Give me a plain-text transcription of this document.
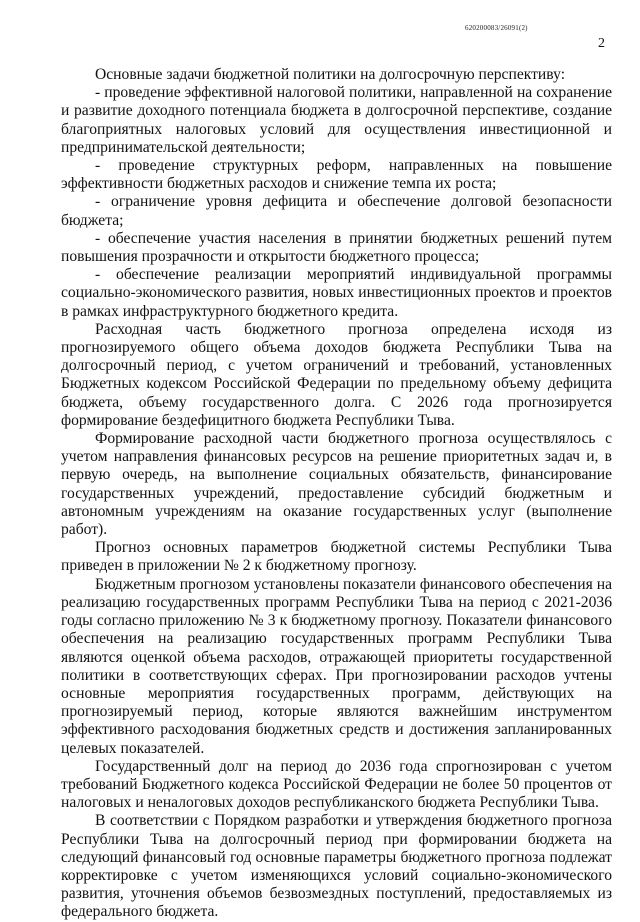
620200083/26091(2)
2

Основные задачи бюджетной политики на долгосрочную перспективу:

- проведение эффективной налоговой политики, направленной на сохранение и развитие доходного потенциала бюджета в долгосрочной перспективе, создание благоприятных налоговых условий для осуществления инвестиционной и предпринимательской деятельности;

- проведение структурных реформ, направленных на повышение эффективности бюджетных расходов и снижение темпа их роста;

- ограничение уровня дефицита и обеспечение долговой безопасности бюджета;

- обеспечение участия населения в принятии бюджетных решений путем повышения прозрачности и открытости бюджетного процесса;

- обеспечение реализации мероприятий индивидуальной программы социально-экономического развития, новых инвестиционных проектов и проектов в рамках инфраструктурного бюджетного кредита.

Расходная часть бюджетного прогноза определена исходя из прогнозируемого общего объема доходов бюджета Республики Тыва на долгосрочный период, с учетом ограничений и требований, установленных Бюджетных кодексом Российской Федерации по предельному объему дефицита бюджета, объему государственного долга. С 2026 года прогнозируется формирование бездефицитного бюджета Республики Тыва.

Формирование расходной части бюджетного прогноза осуществлялось с учетом направления финансовых ресурсов на решение приоритетных задач и, в первую очередь, на выполнение социальных обязательств, финансирование государственных учреждений, предоставление субсидий бюджетным и автономным учреждениям на оказание государственных услуг (выполнение работ).

Прогноз основных параметров бюджетной системы Республики Тыва приведен в приложении № 2 к бюджетному прогнозу.

Бюджетным прогнозом установлены показатели финансового обеспечения на реализацию государственных программ Республики Тыва на период с 2021-2036 годы согласно приложению № 3 к бюджетному прогнозу. Показатели финансового обеспечения на реализацию государственных программ Республики Тыва являются оценкой объема расходов, отражающей приоритеты государственной политики в соответствующих сферах. При прогнозировании расходов учтены основные мероприятия государственных программ, действующих на прогнозируемый период, которые являются важнейшим инструментом эффективного расходования бюджетных средств и достижения запланированных целевых показателей.

Государственный долг на период до 2036 года спрогнозирован с учетом требований Бюджетного кодекса Российской Федерации не более 50 процентов от налоговых и неналоговых доходов республиканского бюджета Республики Тыва.

В соответствии с Порядком разработки и утверждения бюджетного прогноза Республики Тыва на долгосрочный период при формировании бюджета на следующий финансовый год основные параметры бюджетного прогноза подлежат корректировке с учетом изменяющихся условий социально-экономического развития, уточнения объемов безвозмездных поступлений, предоставляемых из федерального бюджета.
